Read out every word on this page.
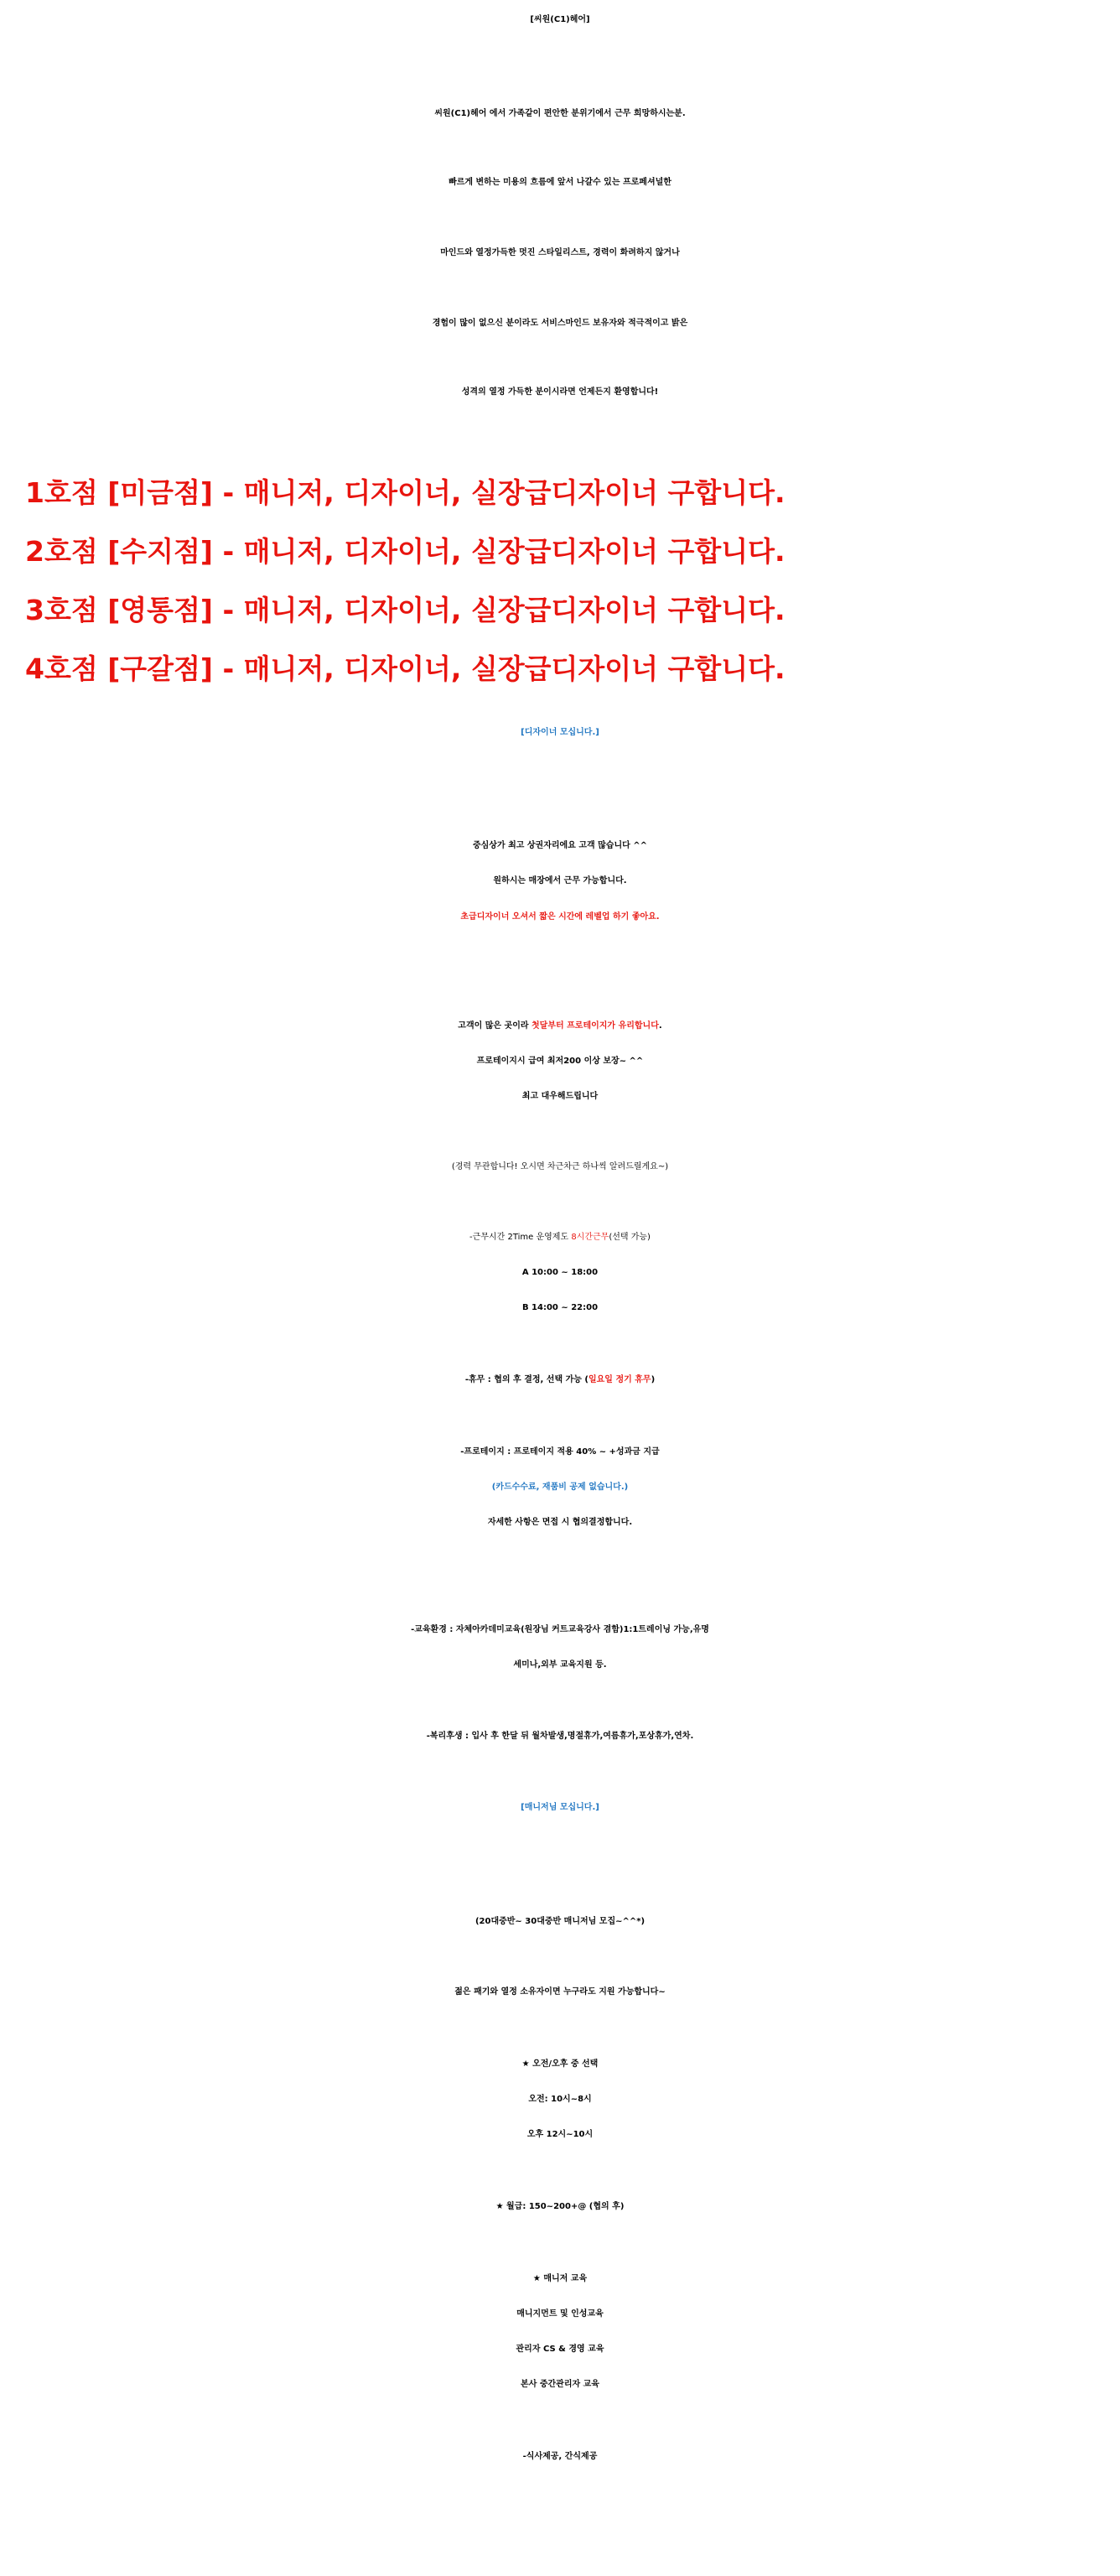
[씨원(C1)헤어]
씨원(C1)헤어 에서 가족같이 편안한 분위기에서 근무 희망하시는분.
빠르게 변하는 미용의 흐름에 앞서 나갈수 있는 프로페셔널한
마인드와 열정가득한 멋진 스타일리스트, 경력이 화려하지 않거나
경험이 많이 없으신 분이라도 서비스마인드 보유자와 적극적이고 밝은
성격의 열정 가득한 분이시라면 언제든지 환영합니다!
1호점 [미금점] - 매니저, 디자이너, 실장급디자이너 구합니다.
2호점 [수지점] - 매니저, 디자이너, 실장급디자이너 구합니다.
3호점 [영통점] - 매니저, 디자이너, 실장급디자이너 구합니다.
4호점 [구갈점] - 매니저, 디자이너, 실장급디자이너 구합니다.
[디자이너 모십니다.]
중심상가 최고 상권자리에요 고객 많습니다 ^^
원하시는 매장에서 근무 가능합니다.
초급디자이너 오셔서 짧은 시간에 레벨업 하기 좋아요.
고객이 많은 곳이라 첫달부터 프로테이지가 유리합니다.
프로테이지시 급여 최저200 이상 보장~ ^^
최고 대우해드립니다
(경력 무관합니다! 오시면 차근차근 하나씩 알려드릴게요~)
-근무시간 2Time 운영제도 8시간근무(선택 가능)
A 10:00 ~ 18:00
B 14:00 ~ 22:00
-휴무 : 협의 후 결정, 선택 가능 (일요일 정기 휴무)
-프로테이지 : 프로테이지 적용 40% ~ +성과금 지급
(카드수수료, 재품비 공제 없습니다.)
자세한 사항은 면접 시 협의결정합니다.
-교육환경 : 자체아카데미교육(원장님 커트교육강사 겸함)1:1트레이닝 가능,유명
세미나,외부 교육지원 등.
-복리후생 : 입사 후 한달 뒤 월차발생,명절휴가,여름휴가,포상휴가,연차.
[매니저님 모십니다.]
(20대중반~ 30대중반 매니저님 모집~^^*)
젊은 패기와 열정 소유자이면 누구라도 지원 가능합니다~
★ 오전/오후 중 선택
오전: 10시~8시
오후 12시~10시
★ 월급: 150~200+@ (협의 후)
★ 매니저 교육
매니지먼트 및 인성교육
관리자 CS & 경영 교육
본사 중간관리자 교육
-식사제공, 간식제공
